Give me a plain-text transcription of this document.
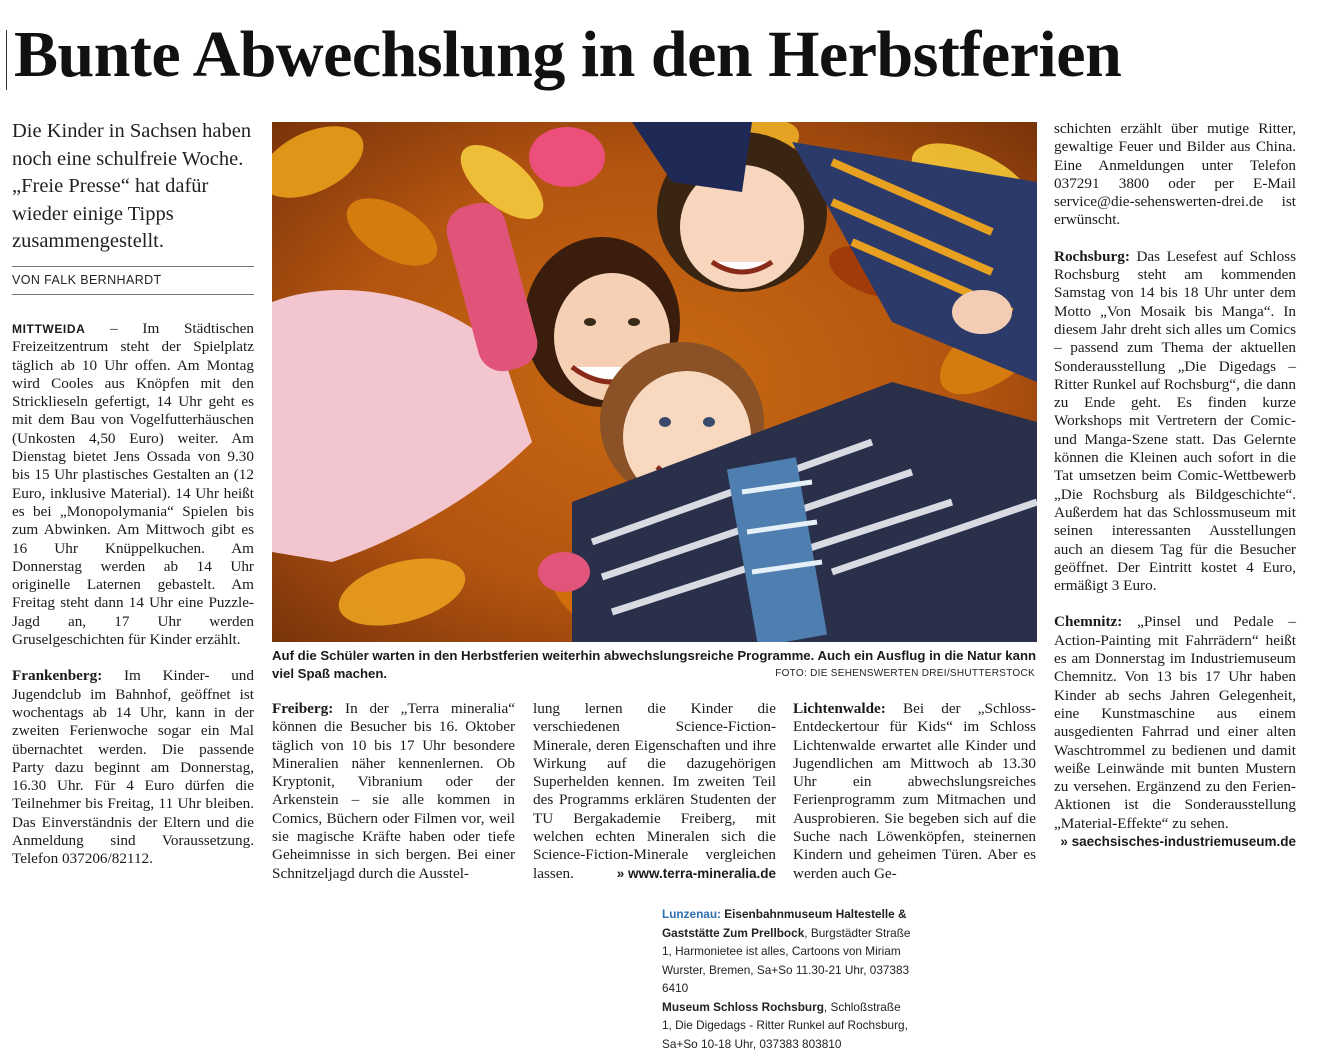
Bunte Abwechslung in den Herbstferien
Die Kinder in Sachsen haben noch eine schulfreie Woche. „Freie Presse“ hat dafür wieder einige Tipps zusammengestellt.
VON FALK BERNHARDT

MITTWEIDA – Im Städtischen Freizeitzentrum steht der Spielplatz täglich ab 10 Uhr offen. Am Montag wird Cooles aus Knöpfen mit den Strickliesеln gefertigt, 14 Uhr geht es mit dem Bau von Vogelfutterhäuschen (Unkosten 4,50 Euro) weiter. Am Dienstag bietet Jens Ossada von 9.30 bis 15 Uhr plastisches Gestalten an (12 Euro, inklusive Material). 14 Uhr heißt es bei „Monopolymania“ Spielen bis zum Abwinken. Am Mittwoch gibt es 16 Uhr Knüppelkuchen. Am Donnerstag werden ab 14 Uhr originelle Laternen gebastelt. Am Freitag steht dann 14 Uhr eine Puzzle-Jagd an, 17 Uhr werden Gruselgeschichten für Kinder erzählt.

Frankenberg: Im Kinder- und Jugendclub im Bahnhof, geöffnet ist wochentags ab 14 Uhr, kann in der zweiten Ferienwoche sogar ein Mal übernachtet werden. Die passende Party dazu beginnt am Donnerstag, 16.30 Uhr. Für 4 Euro dürfen die Teilnehmer bis Freitag, 11 Uhr bleiben. Das Einverständnis der Eltern und die Anmeldung sind Voraussetzung. Telefon 037206/82112.

Auf die Schüler warten in den Herbstferien weiterhin abwechslungsreiche Programme. Auch ein Ausflug in die Natur kann viel Spaß machen.	FOTO: DIE SEHENSWERTEN DREI/SHUTTERSTOCK

Freiberg: In der „Terra mineralia“ können die Besucher bis 16. Oktober täglich von 10 bis 17 Uhr besondere Mineralien näher kennenlernen. Ob Kryptonit, Vibranium oder der Arkenstein – sie alle kommen in Comics, Büchern oder Filmen vor, weil sie magische Kräfte haben oder tiefe Geheimnisse in sich bergen. Bei einer Schnitzeljagd durch die Ausstel-

lung lernen die Kinder die verschiedenen Science-Fiction-Minerale, deren Eigenschaften und ihre Wirkung auf die dazugehörigen Superhelden kennen. Im zweiten Teil des Programms erklären Studenten der TU Bergakademie Freiberg, mit welchen echten Mineralen sich die Science-Fiction-Minerale vergleichen lassen.	» www.terra-mineralia.de

Lichtenwalde: Bei der „Schloss-Entdeckertour für Kids“ im Schloss Lichtenwalde erwartet alle Kinder und Jugendlichen am Mittwoch ab 13.30 Uhr ein abwechslungsreiches Ferienprogramm zum Mitmachen und Ausprobieren. Sie begeben sich auf die Suche nach Löwenköpfen, steinernen Kindern und geheimen Türen. Aber es werden auch Ge-

schichten erzählt über mutige Ritter, gewaltige Feuer und Bilder aus China. Eine Anmeldungen unter Telefon 037291 3800 oder per E-Mail service@die-sehenswerten-drei.de ist erwünscht.

Rochsburg: Das Lesefest auf Schloss Rochsburg steht am kommenden Samstag von 14 bis 18 Uhr unter dem Motto „Von Mosaik bis Manga“. In diesem Jahr dreht sich alles um Comics – passend zum Thema der aktuellen Sonderausstellung „Die Digedags – Ritter Runkel auf Rochsburg“, die dann zu Ende geht. Es finden kurze Workshops mit Vertretern der Comic- und Manga-Szene statt. Das Gelernte können die Kleinen auch sofort in die Tat umsetzen beim Comic-Wettbewerb „Die Rochsburg als Bildgeschichte“. Außerdem hat das Schlossmuseum mit seinen interessanten Ausstellungen auch an diesem Tag für die Besucher geöffnet. Der Eintritt kostet 4 Euro, ermäßigt 3 Euro.

Chemnitz: „Pinsel und Pedale – Action-Painting mit Fahrrädern“ heißt es am Donnerstag im Industriemuseum Chemnitz. Von 13 bis 17 Uhr haben Kinder ab sechs Jahren Gelegenheit, eine Kunstmaschine aus einem ausgedienten Fahrrad und einer alten Waschtrommel zu bedienen und damit weiße Leinwände mit bunten Mustern zu versehen. Ergänzend zu den Ferien-Aktionen ist die Sonderausstellung „Material-Effekte“ zu sehen.

» saechsisches-industriemuseum.de
Lunzenau: Eisenbahnmuseum Haltestelle & Gaststätte Zum Prellbock, Burgstädter Straße 1, Harmonietee ist alles, Cartoons von Miriam Wurster, Bremen, Sa+So 11.30-21 Uhr, 037383 6410
Museum Schloss Rochsburg, Schloßstraße 1, Die Digedags - Ritter Runkel auf Rochsburg, Sa+So 10-18 Uhr, 037383 803810
